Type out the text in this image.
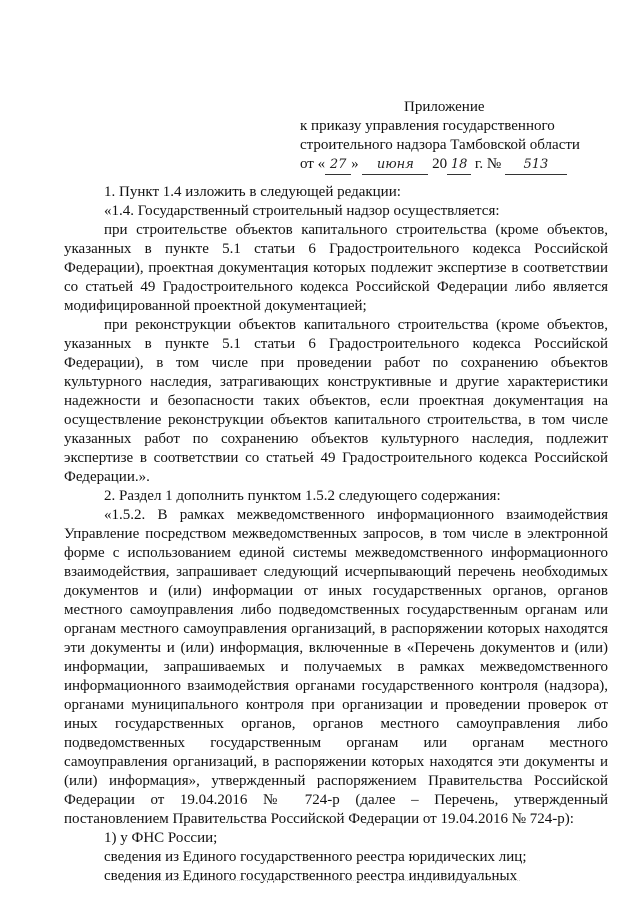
Приложение
к приказу управления государственного
строительного надзора Тамбовской области
от « 27 » июня 20 18 г. № 513

1. Пункт 1.4 изложить в следующей редакции:

«1.4. Государственный строительный надзор осуществляется:

при строительстве объектов капитального строительства (кроме объектов, указанных в пункте 5.1 статьи 6 Градостроительного кодекса Российской Федерации), проектная документация которых подлежит экспертизе в соответствии со статьей 49 Градостроительного кодекса Российской Федерации либо является модифицированной проектной документацией;

при реконструкции объектов капитального строительства (кроме объектов, указанных в пункте 5.1 статьи 6 Градостроительного кодекса Российской Федерации), в том числе при проведении работ по сохранению объектов культурного наследия, затрагивающих конструктивные и другие характеристики надежности и безопасности таких объектов, если проектная документация на осуществление реконструкции объектов капитального строительства, в том числе указанных работ по сохранению объектов культурного наследия, подлежит экспертизе в соответствии со статьей 49 Градостроительного кодекса Российской Федерации.».

2. Раздел 1 дополнить пунктом 1.5.2 следующего содержания:

«1.5.2. В рамках межведомственного информационного взаимодействия Управление посредством межведомственных запросов, в том числе в электронной форме с использованием единой системы межведомственного информационного взаимодействия, запрашивает следующий исчерпывающий перечень необходимых документов и (или) информации от иных государственных органов, органов местного самоуправления либо подведомственных государственным органам или органам местного самоуправления организаций, в распоряжении которых находятся эти документы и (или) информация, включенные в «Перечень документов и (или) информации, запрашиваемых и получаемых в рамках межведомственного информационного взаимодействия органами государственного контроля (надзора), органами муниципального контроля при организации и проведении проверок от иных государственных органов, органов местного самоуправления либо подведомственных государственным органам или органам местного самоуправления организаций, в распоряжении которых находятся эти документы и (или) информация», утвержденный распоряжением Правительства Российской Федерации от 19.04.2016 № 724-р (далее – Перечень, утвержденный постановлением Правительства Российской Федерации от 19.04.2016 № 724-р):

1) у ФНС России;

сведения из Единого государственного реестра юридических лиц;

сведения из Единого государственного реестра индивидуальных
